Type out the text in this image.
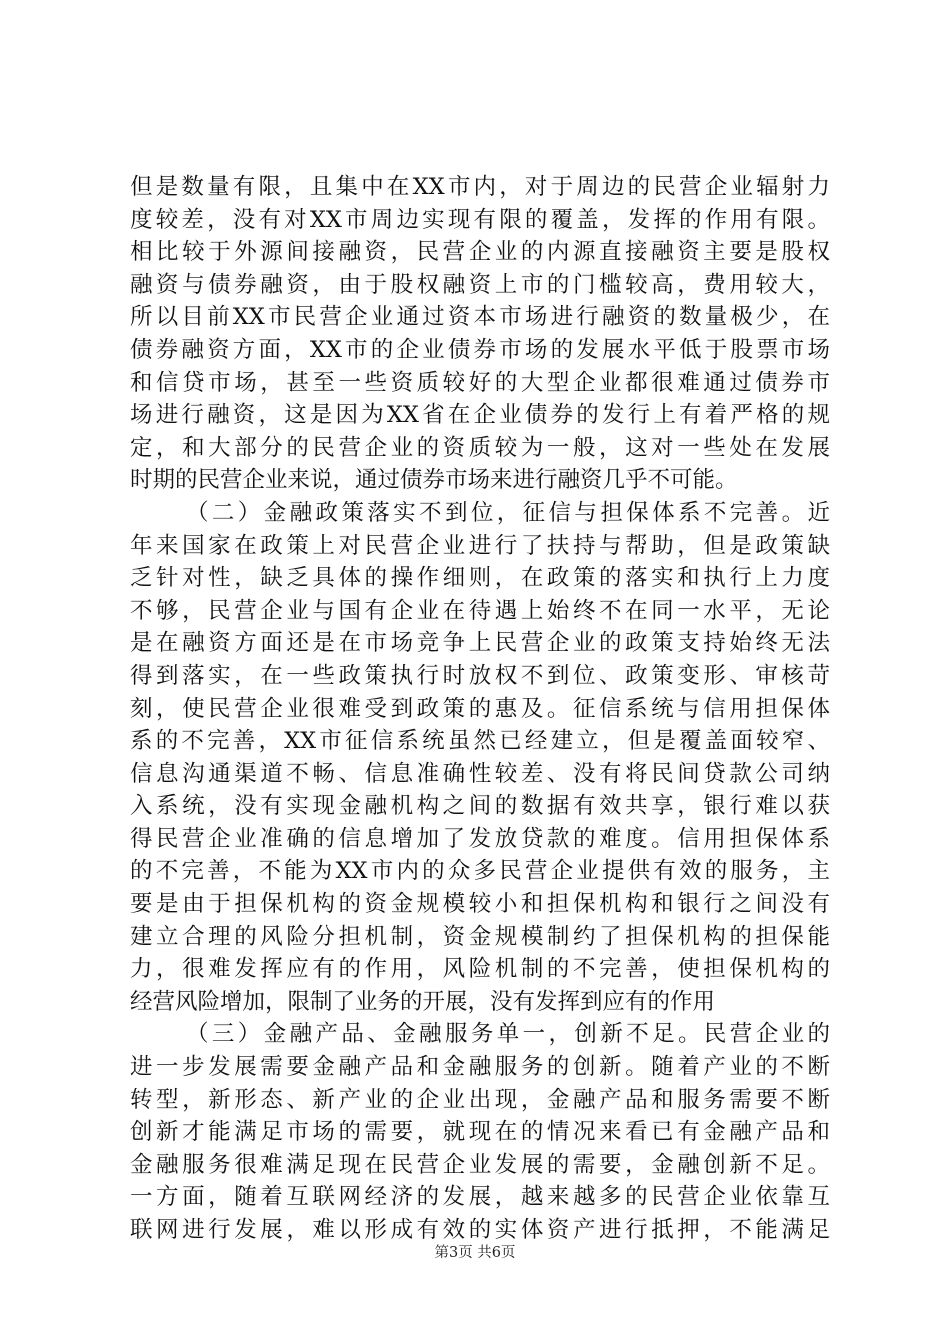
但是数量有限，且集中在XX市内，对于周边的民营企业辐射力
度较差，没有对XX市周边实现有限的覆盖，发挥的作用有限。
相比较于外源间接融资，民营企业的内源直接融资主要是股权
融资与债券融资，由于股权融资上市的门槛较高，费用较大，
所以目前XX市民营企业通过资本市场进行融资的数量极少，在
债券融资方面，XX市的企业债券市场的发展水平低于股票市场
和信贷市场，甚至一些资质较好的大型企业都很难通过债券市
场进行融资，这是因为XX省在企业债券的发行上有着严格的规
定，和大部分的民营企业的资质较为一般，这对一些处在发展
时期的民营企业来说，通过债券市场来进行融资几乎不可能。
（二）金融政策落实不到位，征信与担保体系不完善。近
年来国家在政策上对民营企业进行了扶持与帮助，但是政策缺
乏针对性，缺乏具体的操作细则，在政策的落实和执行上力度
不够，民营企业与国有企业在待遇上始终不在同一水平，无论
是在融资方面还是在市场竞争上民营企业的政策支持始终无法
得到落实，在一些政策执行时放权不到位、政策变形、审核苛
刻，使民营企业很难受到政策的惠及。征信系统与信用担保体
系的不完善，XX市征信系统虽然已经建立，但是覆盖面较窄、
信息沟通渠道不畅、信息准确性较差、没有将民间贷款公司纳
入系统，没有实现金融机构之间的数据有效共享，银行难以获
得民营企业准确的信息增加了发放贷款的难度。信用担保体系
的不完善，不能为XX市内的众多民营企业提供有效的服务，主
要是由于担保机构的资金规模较小和担保机构和银行之间没有
建立合理的风险分担机制，资金规模制约了担保机构的担保能
力，很难发挥应有的作用，风险机制的不完善，使担保机构的
经营风险增加，限制了业务的开展，没有发挥到应有的作用
（三）金融产品、金融服务单一，创新不足。民营企业的
进一步发展需要金融产品和金融服务的创新。随着产业的不断
转型，新形态、新产业的企业出现，金融产品和服务需要不断
创新才能满足市场的需要，就现在的情况来看已有金融产品和
金融服务很难满足现在民营企业发展的需要，金融创新不足。
一方面，随着互联网经济的发展，越来越多的民营企业依靠互
联网进行发展，难以形成有效的实体资产进行抵押，不能满足
第3页 共6页
